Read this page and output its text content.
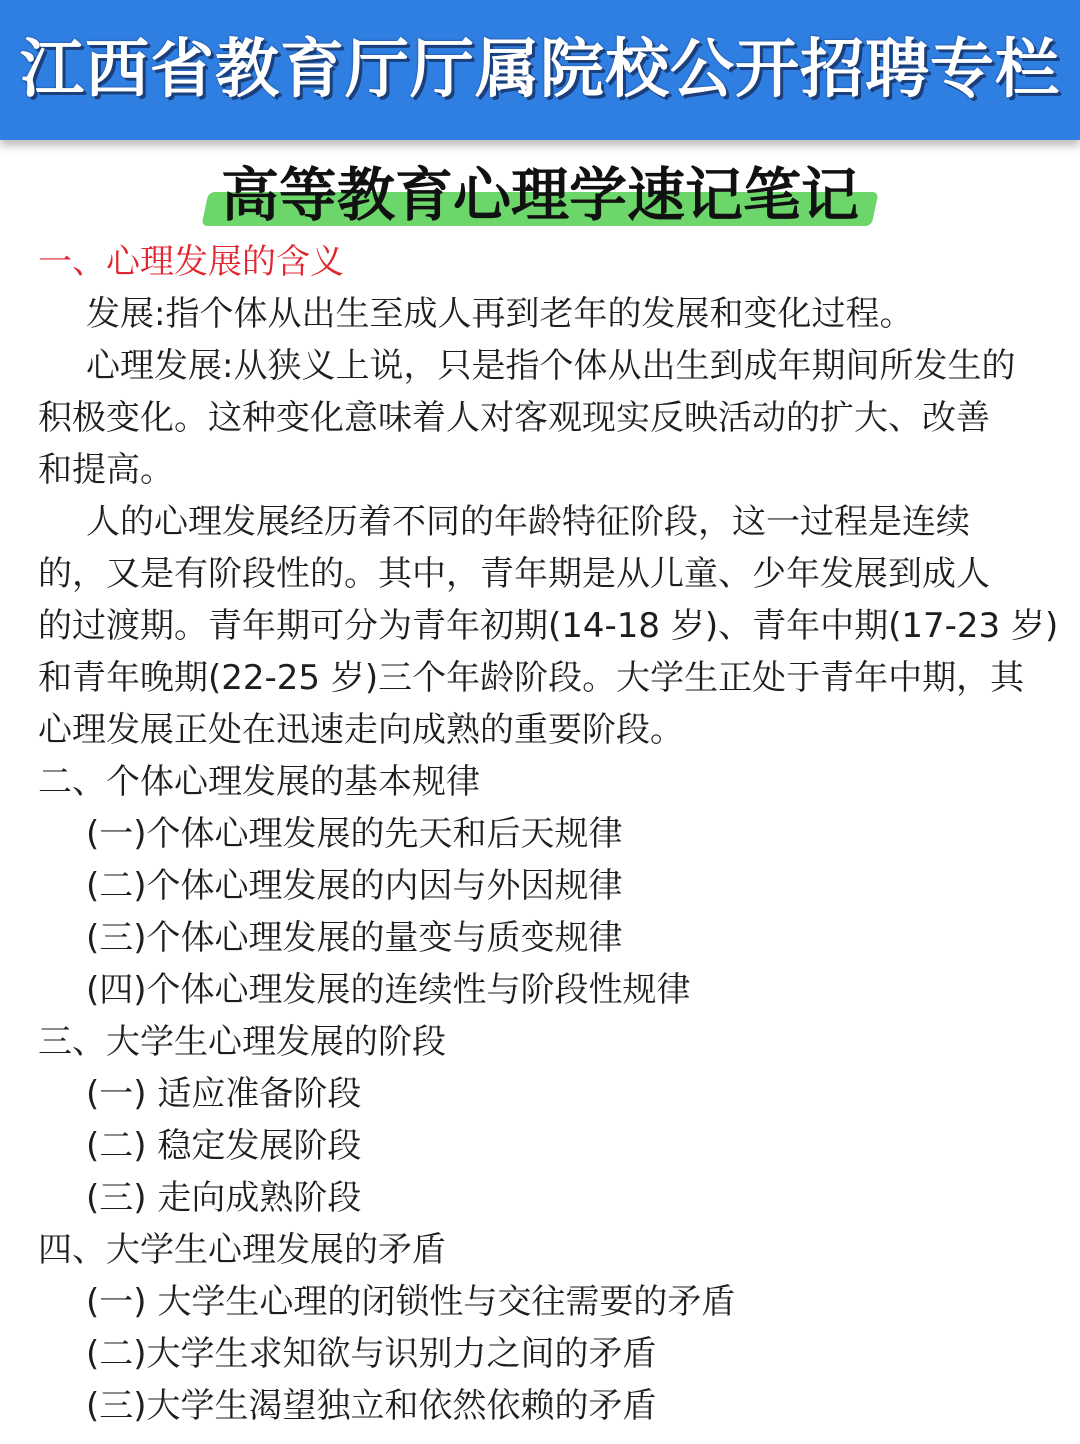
江西省教育厅厅属院校公开招聘专栏
高等教育心理学速记笔记
一、心理发展的含义
发展:指个体从出生至成人再到老年的发展和变化过程。
心理发展:从狭义上说，只是指个体从出生到成年期间所发生的
积极变化。这种变化意味着人对客观现实反映活动的扩大、改善
和提高。
人的心理发展经历着不同的年龄特征阶段，这一过程是连续
的，又是有阶段性的。其中，青年期是从儿童、少年发展到成人
的过渡期。青年期可分为青年初期(14-18 岁)、青年中期(17-23 岁)
和青年晚期(22-25 岁)三个年龄阶段。大学生正处于青年中期，其
心理发展正处在迅速走向成熟的重要阶段。
二、个体心理发展的基本规律
(一)个体心理发展的先天和后天规律
(二)个体心理发展的内因与外因规律
(三)个体心理发展的量变与质变规律
(四)个体心理发展的连续性与阶段性规律
三、大学生心理发展的阶段
(一) 适应准备阶段
(二) 稳定发展阶段
(三) 走向成熟阶段
四、大学生心理发展的矛盾
(一) 大学生心理的闭锁性与交往需要的矛盾
(二)大学生求知欲与识别力之间的矛盾
(三)大学生渴望独立和依然依赖的矛盾
